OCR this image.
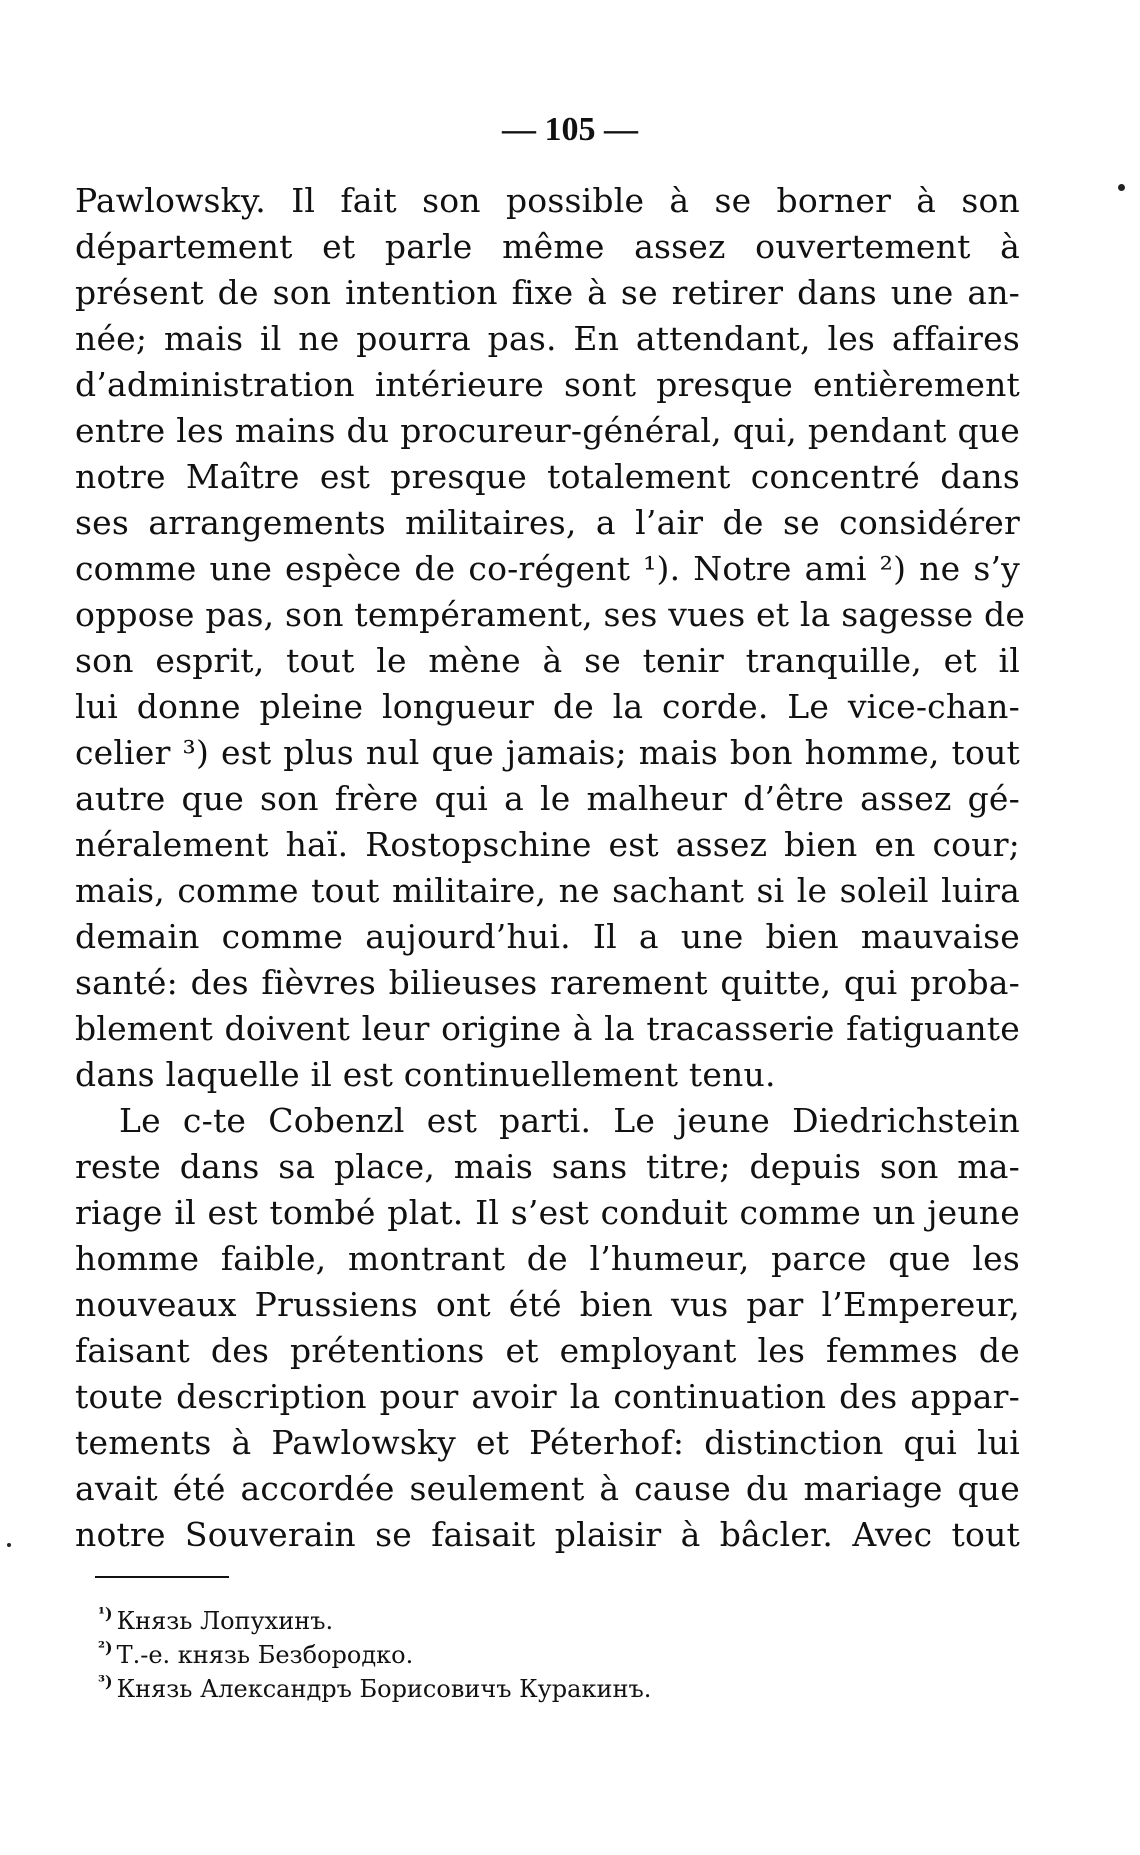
— 105 —
Pawlowsky. Il fait son possible à se borner à son
département et parle même assez ouvertement à
présent de son intention fixe à se retirer dans une an-
née; mais il ne pourra pas. En attendant, les affaires
d’administration intérieure sont presque entièrement
entre les mains du procureur-général, qui, pendant que
notre Maître est presque totalement concentré dans
ses arrangements militaires, a l’air de se considérer
comme une espèce de co-régent ¹). Notre ami ²) ne s’y
oppose pas, son tempérament, ses vues et la sagesse de
son esprit, tout le mène à se tenir tranquille, et il
lui donne pleine longueur de la corde. Le vice-chan-
celier ³) est plus nul que jamais; mais bon homme, tout
autre que son frère qui a le malheur d’être assez gé-
néralement haï. Rostopschine est assez bien en cour;
mais, comme tout militaire, ne sachant si le soleil luira
demain comme aujourd’hui. Il a une bien mauvaise
santé: des fièvres bilieuses rarement quitte, qui proba-
blement doivent leur origine à la tracasserie fatiguante
dans laquelle il est continuellement tenu.
Le c-te Cobenzl est parti. Le jeune Diedrichstein
reste dans sa place, mais sans titre; depuis son ma-
riage il est tombé plat. Il s’est conduit comme un jeune
homme faible, montrant de l’humeur, parce que les
nouveaux Prussiens ont été bien vus par l’Empereur,
faisant des prétentions et employant les femmes de
toute description pour avoir la continuation des appar-
tements à Pawlowsky et Péterhof: distinction qui lui
avait été accordée seulement à cause du mariage que
notre Souverain se faisait plaisir à bâcler. Avec tout
$^{^1)}$ Князь Лопухинъ.
$^{^2)}$ Т.-е. князь Безбородко.
$^{^3)}$ Князь Александръ Борисовичъ Куракинъ.
